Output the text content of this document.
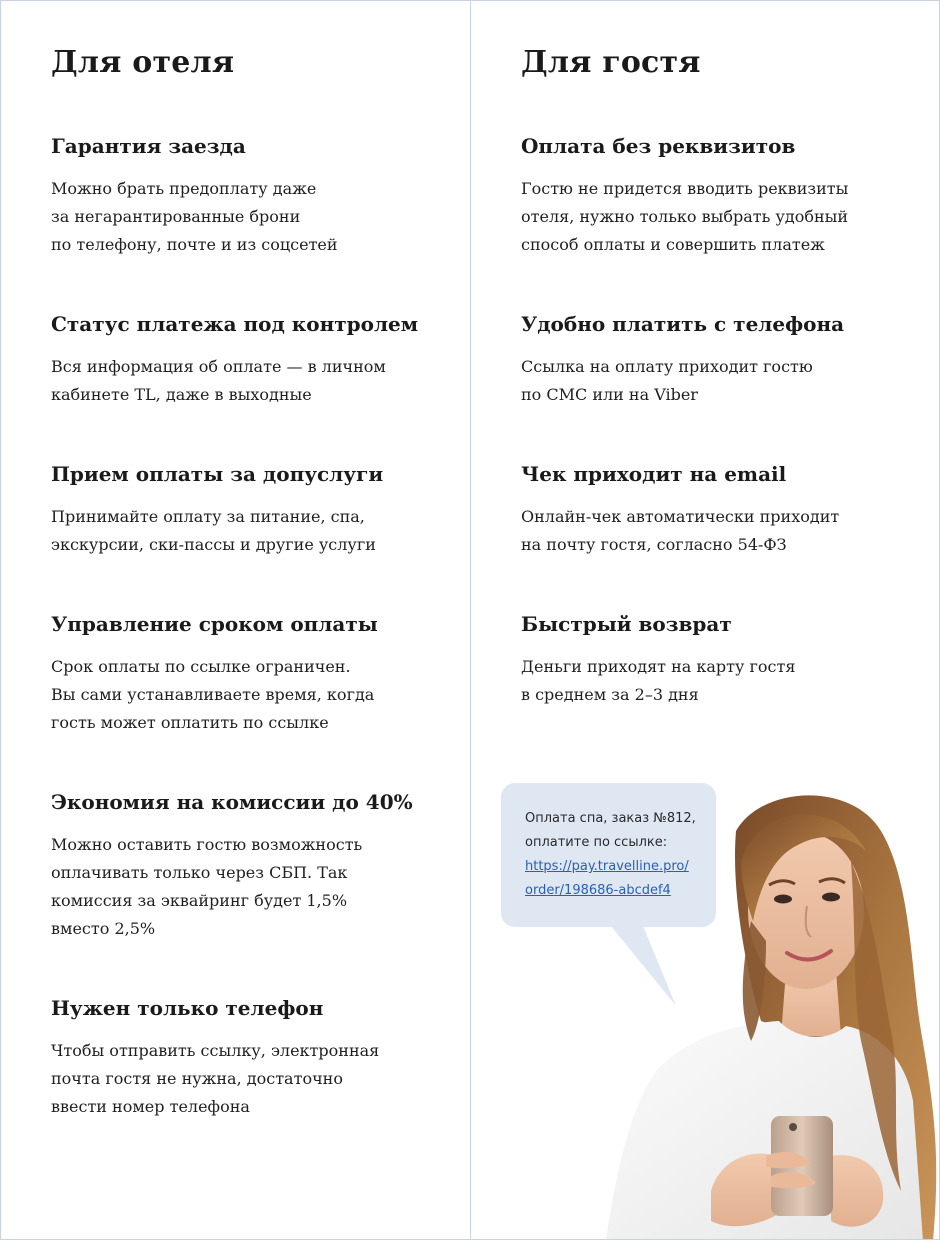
Для отеля
Гарантия заезда

Можно брать предоплату даже
за негарантированные брони
по телефону, почте и из соцсетей

Статус платежа под контролем

Вся информация об оплате — в личном
кабинете TL, даже в выходные

Прием оплаты за допуслуги

Принимайте оплату за питание, спа,
экскурсии, ски-пассы и другие услуги

Управление сроком оплаты

Срок оплаты по ссылке ограничен.
Вы сами устанавливаете время, когда
гость может оплатить по ссылке

Экономия на комиссии до 40%

Можно оставить гостю возможность
оплачивать только через СБП. Так
комиссия за эквайринг будет 1,5%
вместо 2,5%

Нужен только телефон

Чтобы отправить ссылку, электронная
почта гостя не нужна, достаточно
ввести номер телефона

Для гостя
Оплата без реквизитов

Гостю не придется вводить реквизиты
отеля, нужно только выбрать удобный
способ оплаты и совершить платеж

Удобно платить с телефона

Ссылка на оплату приходит гостю
по СМС или на Viber

Чек приходит на email

Онлайн-чек автоматически приходит
на почту гостя, согласно 54-ФЗ

Быстрый возврат

Деньги приходят на карту гостя
в среднем за 2–3 дня

Оплата спа, заказ №812,
оплатите по ссылке:
https://pay.travelline.pro/
order/198686-abcdef4
